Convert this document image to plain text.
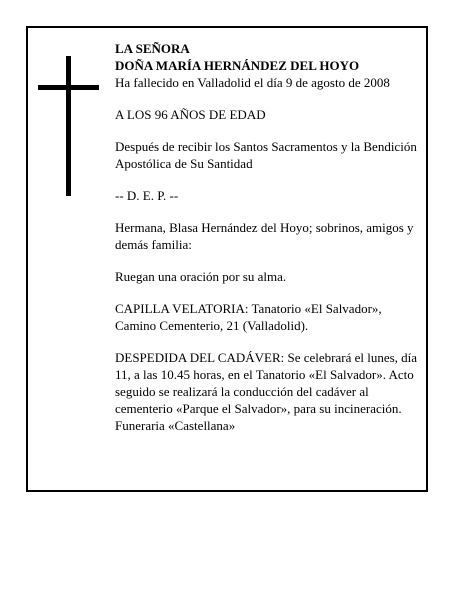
LA SEÑORA
DOÑA MARÍA HERNÁNDEZ DEL HOYO
Ha fallecido en Valladolid el día 9 de agosto de 2008

A LOS 96 AÑOS DE EDAD

Después de recibir los Santos Sacramentos y la Bendición Apostólica de Su Santidad

-- D. E. P. --

Hermana, Blasa Hernández del Hoyo; sobrinos, amigos y demás familia:

Ruegan una oración por su alma.

CAPILLA VELATORIA: Tanatorio «El Salvador», Camino Cementerio, 21 (Valladolid).

DESPEDIDA DEL CADÁVER: Se celebrará el lunes, día 11, a las 10.45 horas, en el Tanatorio «El Salvador». Acto seguido se realizará la conducción del cadáver al cementerio «Parque el Salvador», para su incineración.

Funeraria «Castellana»
